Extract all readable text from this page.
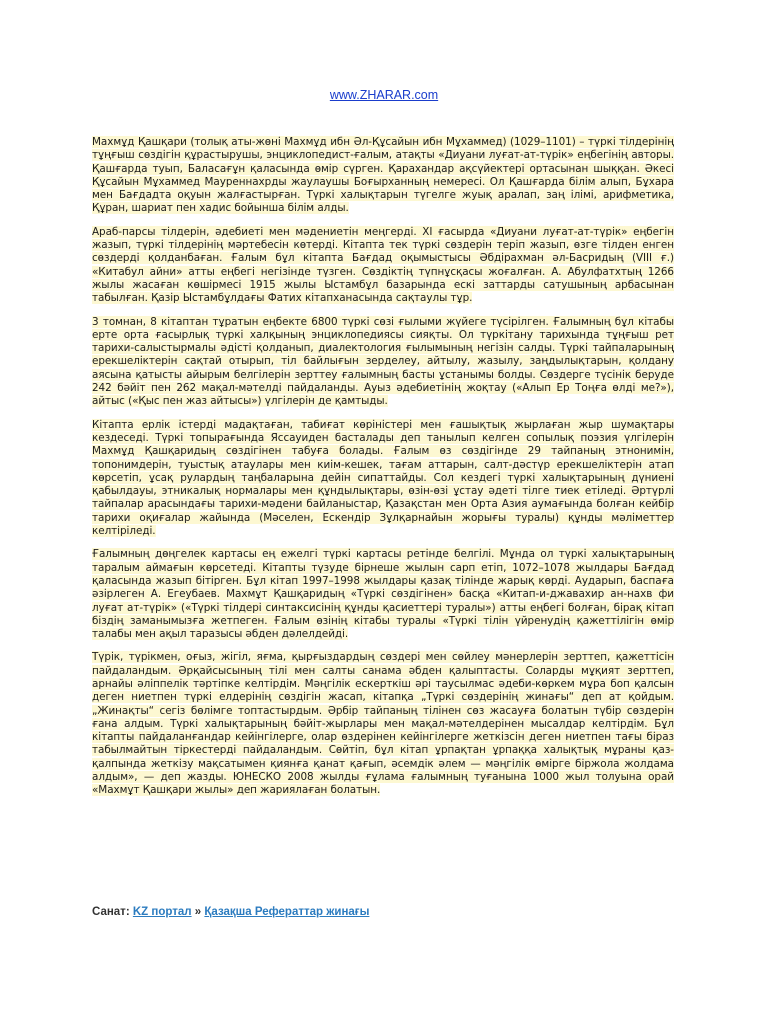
www.ZHARAR.com

Махмұд Қашқари (толық аты-жөні Махмұд ибн Әл-Құсайын ибн Мұхаммед) (1029–1101) – түркі тілдерінің тұңғыш сөздігін құрастырушы, энциклопедист-ғалым, атақты «Диуани луғат-ат-түрік» еңбегінің авторы. Қашғарда туып, Баласағұн қаласында өмір сүрген. Қарахандар ақсүйектері ортасынан шыққан. Әкесі Құсайын Мұхаммед Мауреннахрды жаулаушы Боғырханның немересі. Ол Қашғарда білім алып, Бұхара мен Бағдадта оқуын жалғастырған. Түркі халықтарын түгелге жуық аралап, заң ілімі, арифметика, Құран, шариат пен хадис бойынша білім алды.

Араб-парсы тілдерін, әдебиеті мен мәдениетін меңгерді. XI ғасырда «Диуани луғат-ат-түрік» еңбегін жазып, түркі тілдерінің мәртебесін көтерді. Кітапта тек түркі сөздерін теріп жазып, өзге тілден енген сөздерді қолданбаған. Ғалым бұл кітапта Бағдад оқымыстысы Әбдірахман әл-Басридың (VIII ғ.) «Китабул айни» атты еңбегі негізінде түзген. Сөздіктің түпнұсқасы жоғалған. А. Абулфатхтың 1266 жылы жасаған көшірмесі 1915 жылы Ыстамбұл базарында ескі заттарды сатушының арбасынан табылған. Қазір Ыстамбұлдағы Фатих кітапханасында сақтаулы тұр.

3 томнан, 8 кітаптан тұратын еңбекте 6800 түркі сөзі ғылыми жүйеге түсірілген. Ғалымның бұл кітабы ерте орта ғасырлық түркі халқының энциклопедиясы сияқты. Ол түркітану тарихында тұңғыш рет тарихи-салыстырмалы әдісті қолданып, диалектология ғылымының негізін салды. Түркі тайпаларының ерекшеліктерін сақтай отырып, тіл байлығын зерделеу, айтылу, жазылу, заңдылықтарын, қолдану аясына қатысты айырым белгілерін зерттеу ғалымның басты ұстанымы болды. Сөздерге түсінік беруде 242 бәйіт пен 262 мақал-мәтелді пайдаланды. Ауыз әдебиетінің жоқтау («Алып Ер Тоңға өлді ме?»), айтыс («Қыс пен жаз айтысы») үлгілерін де қамтыды.

Кітапта ерлік істерді мадақтаған, табиғат көріністері мен ғашықтық жырлаған жыр шумақтары кездеседі. Түркі топырағында Яссауиден басталады деп танылып келген сопылық поэзия үлгілерін Махмұд Қашқаридың сөздігінен табуға болады. Ғалым өз сөздігінде 29 тайпаның этнонимін, топонимдерін, туыстық атаулары мен киім-кешек, тағам аттарын, салт-дәстүр ерекшеліктерін атап көрсетіп, ұсақ рулардың таңбаларына дейін сипаттайды. Сол кездегі түркі халықтарының дүниені қабылдауы, этникалық нормалары мен құндылықтары, өзін-өзі ұстау әдеті тілге тиек етіледі. Әртүрлі тайпалар арасындағы тарихи-мәдени байланыстар, Қазақстан мен Орта Азия аумағында болған кейбір тарихи оқиғалар жайында (Мәселен, Ескендір Зұлқарнайын жорығы туралы) құнды мәліметтер келтіріледі.

Ғалымның дөңгелек картасы ең ежелгі түркі картасы ретінде белгілі. Мұнда ол түркі халықтарының таралым аймағын көрсетеді. Кітапты түзуде бірнеше жылын сарп етіп, 1072–1078 жылдары Бағдад қаласында жазып бітірген. Бұл кітап 1997–1998 жылдары қазақ тілінде жарық көрді. Аударып, баспаға әзірлеген А. Егеубаев. Махмұт Қашқаридың «Түркі сөздігінен» басқа «Китап-и-джавахир ан-нахв фи луғат ат-түрік» («Түркі тілдері синтаксисінің құнды қасиеттері туралы») атты еңбегі болған, бірақ кітап біздің заманымызға жетпеген. Ғалым өзінің кітабы туралы «Түркі тілін үйренудің қажеттілігін өмір талабы мен ақыл таразысы әбден дәлелдейді.

Түрік, түрікмен, оғыз, жігіл, яғма, қырғыздардың сөздері мен сөйлеу мәнерлерін зерттеп, қажеттісін пайдаландым. Әрқайсысының тілі мен салты санама әбден қалыптасты. Соларды мұқият зерттеп, арнайы әліппелік тәртіпке келтірдім. Мәңгілік ескерткіш әрі таусылмас әдеби-көркем мұра боп қалсын деген ниетпен түркі елдерінің сөздігін жасап, кітапқа „Түркі сөздерінің жинағы“ деп ат қойдым. „Жинақты“ сегіз бөлімге топтастырдым. Әрбір тайпаның тілінен сөз жасауға болатын түбір сөздерін ғана алдым. Түркі халықтарының бәйіт-жырлары мен мақал-мәтелдерінен мысалдар келтірдім. Бұл кітапты пайдаланғандар кейінгілерге, олар өздерінен кейінгілерге жеткізсін деген ниетпен тағы біраз табылмайтын тіркестерді пайдаландым. Сөйтіп, бұл кітап ұрпақтан ұрпаққа халықтық мұраны қаз-қалпында жеткізу мақсатымен қиянға қанат қағып, әсемдік әлем — мәңгілік өмірге біржола жолдама алдым», — деп жазды. ЮНЕСКО 2008 жылды ғұлама ғалымның туғанына 1000 жыл толуына орай «Махмұт Қашқари жылы» деп жариялаған болатын.

Санат: KZ портал » Қазақша Рефераттар жинағы
